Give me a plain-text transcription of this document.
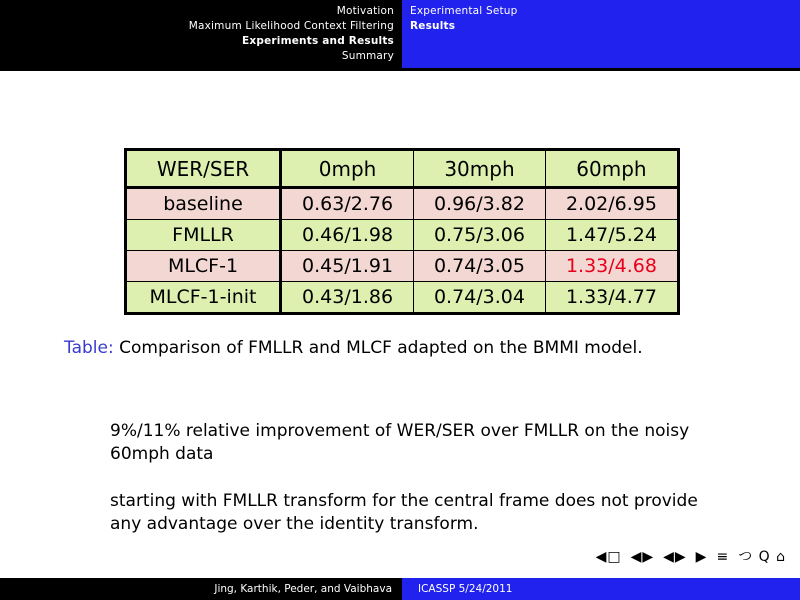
Motivation
Maximum Likelihood Context Filtering
Experiments and Results
Summary
Experimental Setup
Results
WER/SER	0mph	30mph	60mph
baseline	0.63/2.76	0.96/3.82	2.02/6.95
FMLLR	0.46/1.98	0.75/3.06	1.47/5.24
MLCF-1	0.45/1.91	0.74/3.05	1.33/4.68
MLCF-1-init	0.43/1.86	0.74/3.04	1.33/4.77
Table: Comparison of FMLLR and MLCF adapted on the BMMI model.
9%/11% relative improvement of WER/SER over FMLLR on the noisy 60mph data
starting with FMLLR transform for the central frame does not provide any advantage over the identity transform.
◀□ ◀▶ ◀▶ ▶ ≡ つ Q ⌂
Jing, Karthik, Peder, and Vaibhava	ICASSP 5/24/2011
